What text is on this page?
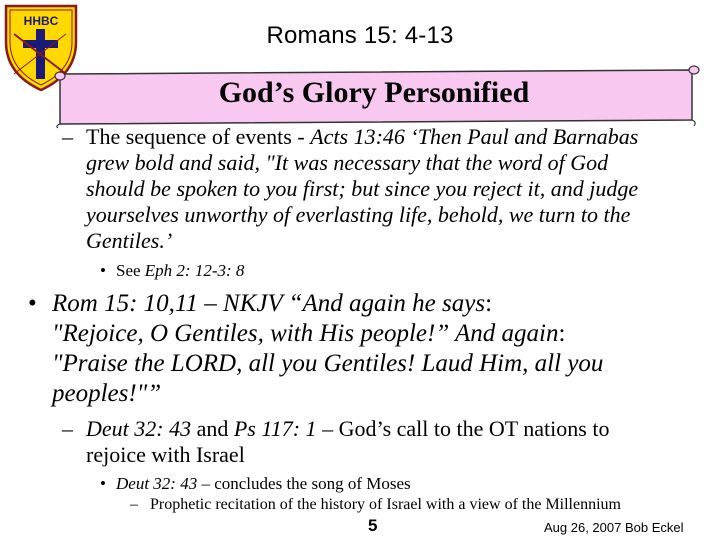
HHBC
Romans 15: 4-13
God’s Glory Personified
– The sequence of events - Acts 13:46 ‘Then Paul and Barnabas
grew bold and said, "It was necessary that the word of God
should be spoken to you first; but since you reject it, and judge
yourselves unworthy of everlasting life, behold, we turn to the
Gentiles.’
• See Eph 2: 12-3: 8
• Rom 15: 10,11 – NKJV “And again he says:
"Rejoice, O Gentiles, with His people!” And again:
"Praise the LORD, all you Gentiles! Laud Him, all you
peoples!"”
– Deut 32: 43 and Ps 117: 1 – God’s call to the OT nations to
rejoice with Israel
• Deut 32: 43 – concludes the song of Moses
– Prophetic recitation of the history of Israel with a view of the Millennium
5	Aug 26, 2007 Bob Eckel
